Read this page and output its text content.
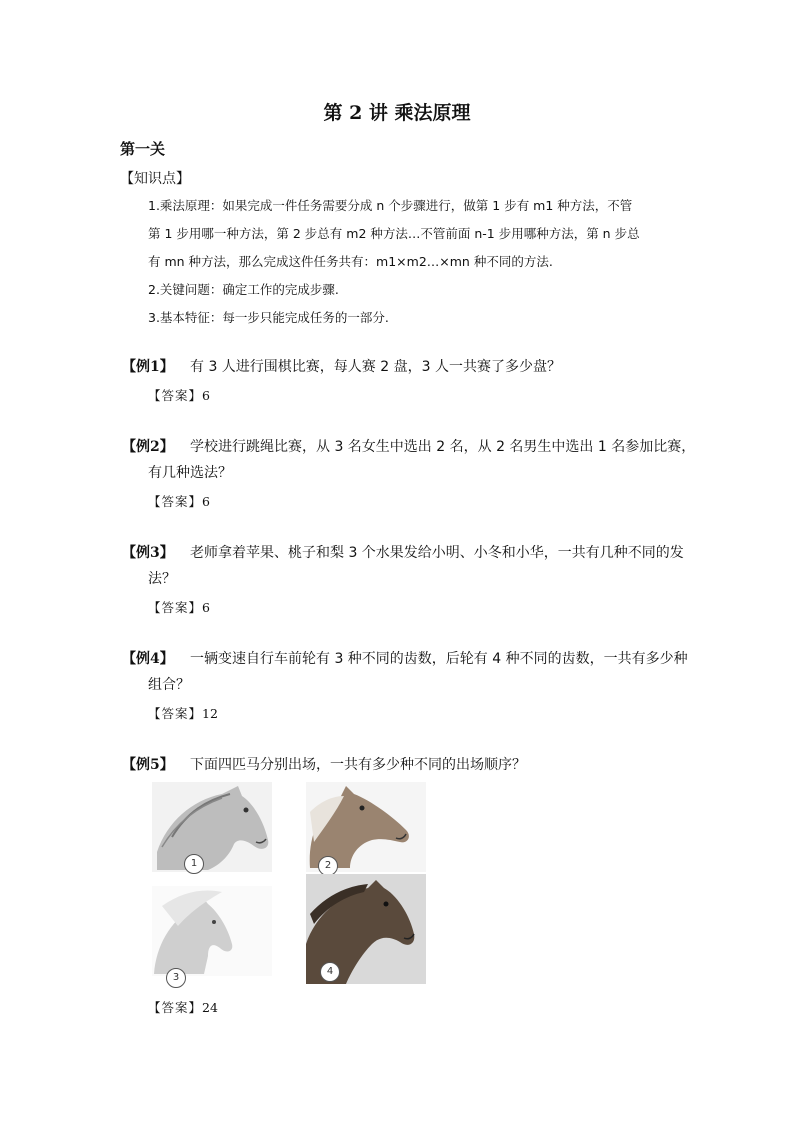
第 2 讲 乘法原理
第一关
【知识点】
1.乘法原理：如果完成一件任务需要分成 n 个步骤进行，做第 1 步有 m1 种方法，不管
第 1 步用哪一种方法，第 2 步总有 m2 种方法…不管前面 n-1 步用哪种方法，第 n 步总
有 mn 种方法，那么完成这件任务共有：m1×m2…×mn 种不同的方法.
2.关键问题：确定工作的完成步骤.
3.基本特征：每一步只能完成任务的一部分.
【例1】 有 3 人进行围棋比赛，每人赛 2 盘，3 人一共赛了多少盘？
【答案】6
【例2】 学校进行跳绳比赛，从 3 名女生中选出 2 名，从 2 名男生中选出 1 名参加比赛，
有几种选法？
【答案】6
【例3】 老师拿着苹果、桃子和梨 3 个水果发给小明、小冬和小华，一共有几种不同的发
法？
【答案】6
【例4】 一辆变速自行车前轮有 3 种不同的齿数，后轮有 4 种不同的齿数，一共有多少种
组合？
【答案】12
【例5】 下面四匹马分别出场，一共有多少种不同的出场顺序？
1	2
3
4
【答案】24
